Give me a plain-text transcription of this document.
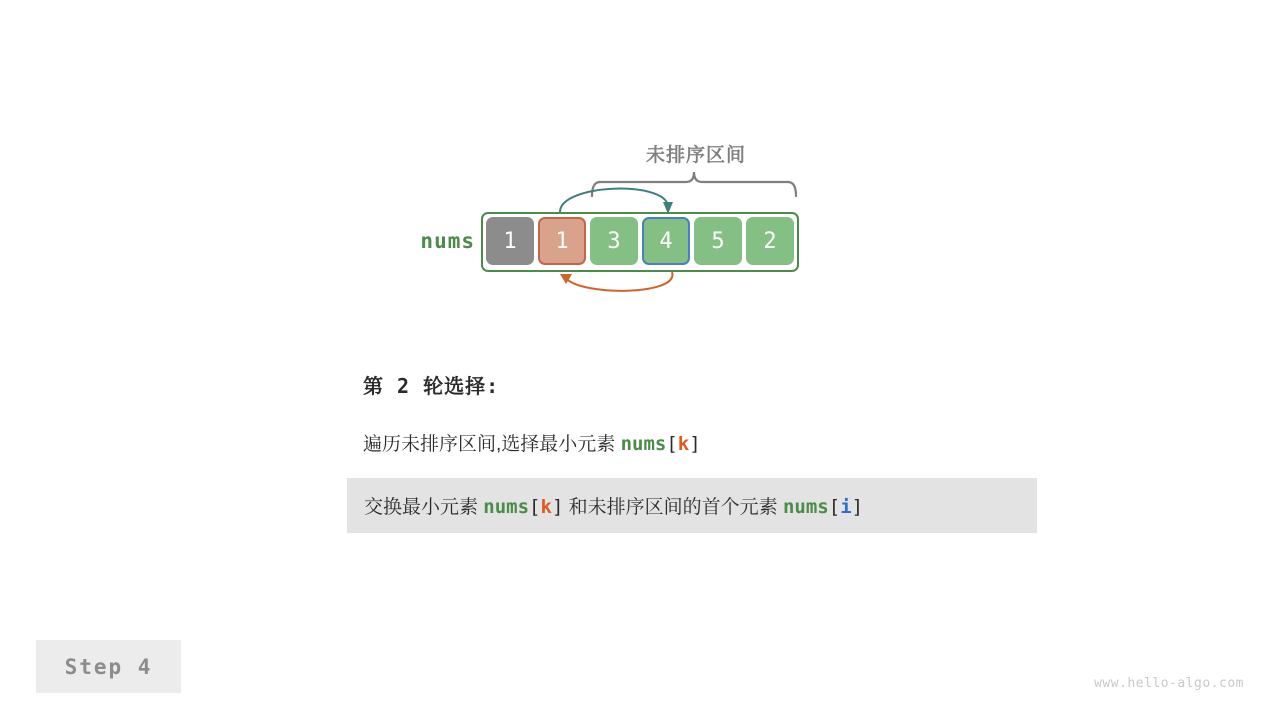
未排序区间
nums	1	1	3	4	5	2
第 2 轮选择:
遍历未排序区间,选择最小元素 nums[k]
交换最小元素 nums[k] 和未排序区间的首个元素 nums[i]
Step 4
www.hello-algo.com
